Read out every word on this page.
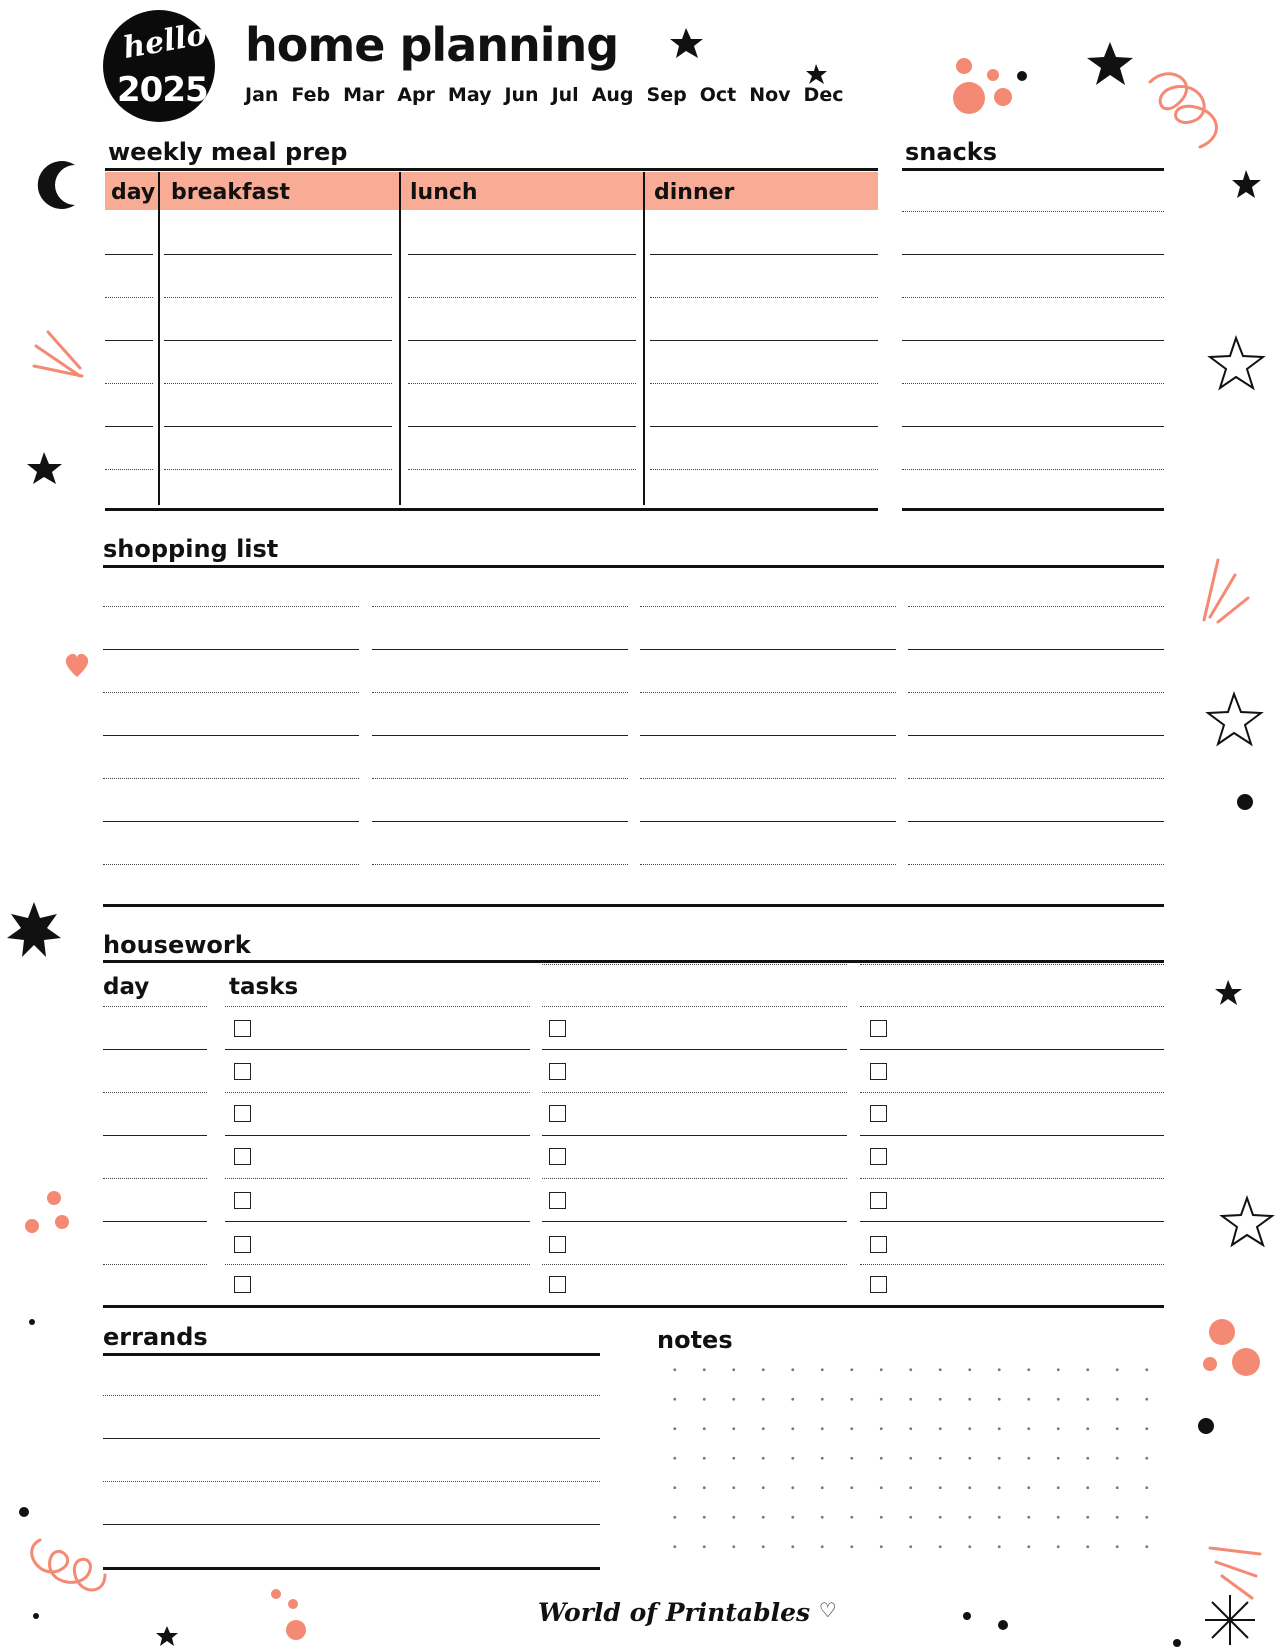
hello
2025
home planning
Jan Feb Mar Apr May Jun Jul Aug Sep Oct Nov Dec
weekly meal prep
day breakfast	lunch	dinner
snacks
shopping list
housework
day	tasks
errands	notes
World of Printables ♡
